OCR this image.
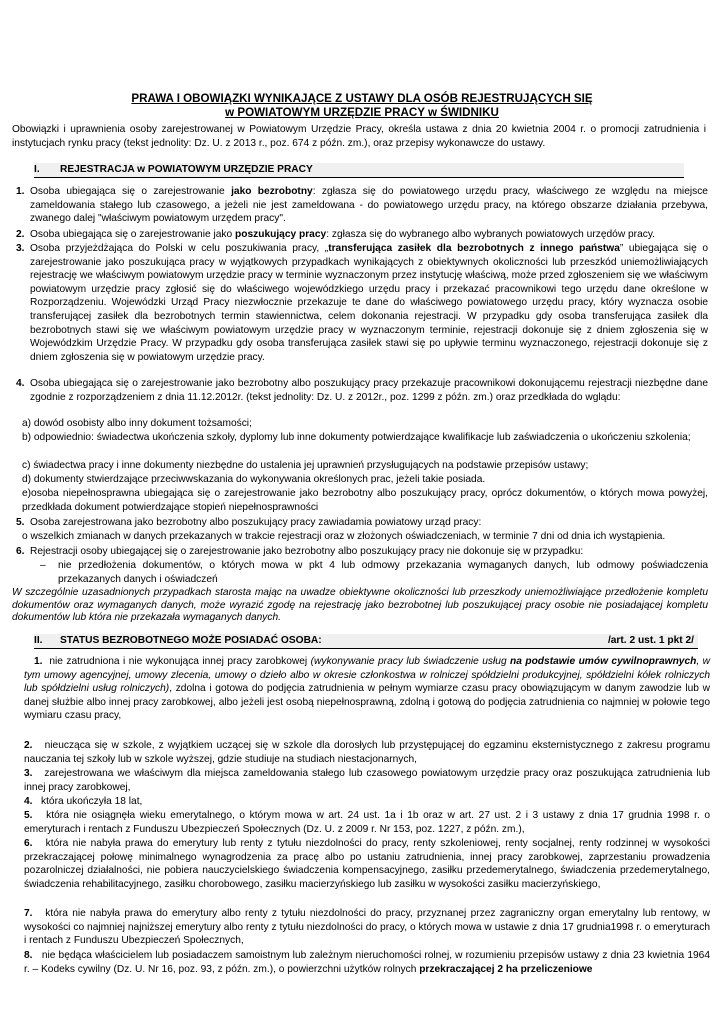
PRAWA I OBOWIĄZKI WYNIKAJĄCE Z USTAWY DLA OSÓB REJESTRUJĄCYCH SIĘ
w POWIATOWYM URZĘDZIE PRACY w ŚWIDNIKU
Obowiązki i uprawnienia osoby zarejestrowanej w Powiatowym Urzędzie Pracy, określa ustawa z dnia 20 kwietnia 2004 r. o promocji zatrudnienia i instytucjach rynku pracy (tekst jednolity: Dz. U. z 2013 r., poz. 674 z późn. zm.), oraz przepisy wykonawcze do ustawy.
I. REJESTRACJA w POWIATOWYM URZĘDZIE PRACY
1. Osoba ubiegająca się o zarejestrowanie jako bezrobotny: zgłasza się do powiatowego urzędu pracy, właściwego ze względu na miejsce zameldowania stałego lub czasowego, a jeżeli nie jest zameldowana - do powiatowego urzędu pracy, na którego obszarze działania przebywa, zwanego dalej "właściwym powiatowym urzędem pracy".
2. Osoba ubiegająca się o zarejestrowanie jako poszukujący pracy: zgłasza się do wybranego albo wybranych powiatowych urzędów pracy.
3. Osoba przyjeżdżająca do Polski w celu poszukiwania pracy, „transferująca zasiłek dla bezrobotnych z innego państwa” ubiegająca się o zarejestrowanie jako poszukująca pracy w wyjątkowych przypadkach wynikających z obiektywnych okoliczności lub przeszkód uniemożliwiających rejestrację we właściwym powiatowym urzędzie pracy w terminie wyznaczonym przez instytucję właściwą, może przed zgłoszeniem się we właściwym powiatowym urzędzie pracy zgłosić się do właściwego wojewódzkiego urzędu pracy i przekazać pracownikowi tego urzędu dane określone w Rozporządzeniu. Wojewódzki Urząd Pracy niezwłocznie przekazuje te dane do właściwego powiatowego urzędu pracy, który wyznacza osobie transferującej zasiłek dla bezrobotnych termin stawiennictwa, celem dokonania rejestracji. W przypadku gdy osoba transferująca zasiłek dla bezrobotnych stawi się we właściwym powiatowym urzędzie pracy w wyznaczonym terminie, rejestracji dokonuje się z dniem zgłoszenia się w Wojewódzkim Urzędzie Pracy. W przypadku gdy osoba transferująca zasiłek stawi się po upływie terminu wyznaczonego, rejestracji dokonuje się z dniem zgłoszenia się w powiatowym urzędzie pracy.
4. Osoba ubiegająca się o zarejestrowanie jako bezrobotny albo poszukujący pracy przekazuje pracownikowi dokonującemu rejestracji niezbędne dane zgodnie z rozporządzeniem z dnia 11.12.2012r. (tekst jednolity: Dz. U. z 2012r., poz. 1299 z późn. zm.) oraz przedkłada do wglądu:
a) dowód osobisty albo inny dokument tożsamości;
b) odpowiednio: świadectwa ukończenia szkoły, dyplomy lub inne dokumenty potwierdzające kwalifikacje lub zaświadczenia o ukończeniu szkolenia;
c) świadectwa pracy i inne dokumenty niezbędne do ustalenia jej uprawnień przysługujących na podstawie przepisów ustawy;
d) dokumenty stwierdzające przeciwwskazania do wykonywania określonych prac, jeżeli takie posiada.
e)osoba niepełnosprawna ubiegająca się o zarejestrowanie jako bezrobotny albo poszukujący pracy, oprócz dokumentów, o których mowa powyżej, przedkłada dokument potwierdzające stopień niepełnosprawności
5. Osoba zarejestrowana jako bezrobotny albo poszukujący pracy zawiadamia powiatowy urząd pracy:
o wszelkich zmianach w danych przekazanych w trakcie rejestracji oraz w złożonych oświadczeniach, w terminie 7 dni od dnia ich wystąpienia.
6. Rejestracji osoby ubiegającej się o zarejestrowanie jako bezrobotny albo poszukujący pracy nie dokonuje się w przypadku:
– nie przedłożenia dokumentów, o których mowa w pkt 4 lub odmowy przekazania wymaganych danych, lub odmowy poświadczenia przekazanych danych i oświadczeń
W szczególnie uzasadnionych przypadkach starosta mając na uwadze obiektywne okoliczności lub przeszkody uniemożliwiające przedłożenie kompletu dokumentów oraz wymaganych danych, może wyrazić zgodę na rejestrację jako bezrobotnej lub poszukującej pracy osobie nie posiadającej kompletu dokumentów lub która nie przekazała wymaganych danych.
II. STATUS BEZROBOTNEGO MOŻE POSIADAĆ OSOBA:	/art. 2 ust. 1 pkt 2/
1. nie zatrudniona i nie wykonująca innej pracy zarobkowej (wykonywanie pracy lub świadczenie usług na podstawie umów cywilnoprawnych, w tym umowy agencyjnej, umowy zlecenia, umowy o dzieło albo w okresie członkostwa w rolniczej spółdzielni produkcyjnej, spółdzielni kółek rolniczych lub spółdzielni usług rolniczych), zdolna i gotowa do podjęcia zatrudnienia w pełnym wymiarze czasu pracy obowiązującym w danym zawodzie lub w danej służbie albo innej pracy zarobkowej, albo jeżeli jest osobą niepełnosprawną, zdolną i gotową do podjęcia zatrudnienia co najmniej w połowie tego wymiaru czasu pracy,
2. nieucząca się w szkole, z wyjątkiem uczącej się w szkole dla dorosłych lub przystępującej do egzaminu eksternistycznego z zakresu programu nauczania tej szkoły lub w szkole wyższej, gdzie studiuje na studiach niestacjonarnych,
3. zarejestrowana we właściwym dla miejsca zameldowania stałego lub czasowego powiatowym urzędzie pracy oraz poszukująca zatrudnienia lub innej pracy zarobkowej,
4. która ukończyła 18 lat,
5. która nie osiągnęła wieku emerytalnego, o którym mowa w art. 24 ust. 1a i 1b oraz w art. 27 ust. 2 i 3 ustawy z dnia 17 grudnia 1998 r. o emeryturach i rentach z Funduszu Ubezpieczeń Społecznych (Dz. U. z 2009 r. Nr 153, poz. 1227, z późn. zm.),
6. która nie nabyła prawa do emerytury lub renty z tytułu niezdolności do pracy, renty szkoleniowej, renty socjalnej, renty rodzinnej w wysokości przekraczającej połowę minimalnego wynagrodzenia za pracę albo po ustaniu zatrudnienia, innej pracy zarobkowej, zaprzestaniu prowadzenia pozarolniczej działalności, nie pobiera nauczycielskiego świadczenia kompensacyjnego, zasiłku przedemerytalnego, świadczenia przedemerytalnego, świadczenia rehabilitacyjnego, zasiłku chorobowego, zasiłku macierzyńskiego lub zasiłku w wysokości zasiłku macierzyńskiego,
7. która nie nabyła prawa do emerytury albo renty z tytułu niezdolności do pracy, przyznanej przez zagraniczny organ emerytalny lub rentowy, w wysokości co najmniej najniższej emerytury albo renty z tytułu niezdolności do pracy, o których mowa w ustawie z dnia 17 grudnia1998 r. o emeryturach i rentach z Funduszu Ubezpieczeń Społecznych,
8. nie będąca właścicielem lub posiadaczem samoistnym lub zależnym nieruchomości rolnej, w rozumieniu przepisów ustawy z dnia 23 kwietnia 1964 r. – Kodeks cywilny (Dz. U. Nr 16, poz. 93, z późn. zm.), o powierzchni użytków rolnych przekraczającej 2 ha przeliczeniowe
